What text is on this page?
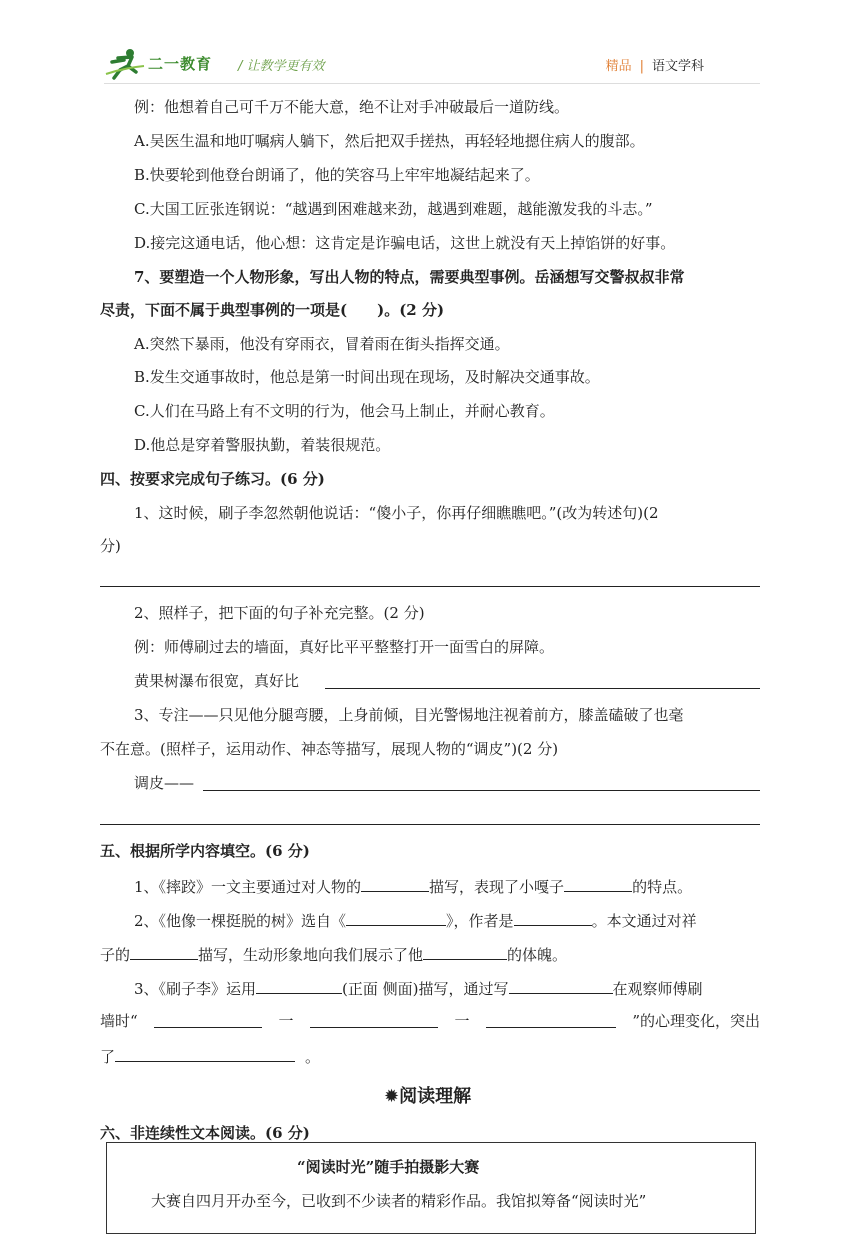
二一教育 / 让教学更有效	精品 | 语文学科
例：他想着自己可千万不能大意，绝不让对手冲破最后一道防线。
A.吴医生温和地叮嘱病人躺下，然后把双手搓热，再轻轻地摁住病人的腹部。
B.快要轮到他登台朗诵了，他的笑容马上牢牢地凝结起来了。
C.大国工匠张连钢说：“越遇到困难越来劲，越遇到难题，越能激发我的斗志。”
D.接完这通电话，他心想：这肯定是诈骗电话，这世上就没有天上掉馅饼的好事。
7、要塑造一个人物形象，写出人物的特点，需要典型事例。岳涵想写交警叔叔非常
尽责，下面不属于典型事例的一项是(　　)。(2 分)
A.突然下暴雨，他没有穿雨衣，冒着雨在街头指挥交通。
B.发生交通事故时，他总是第一时间出现在现场，及时解决交通事故。
C.人们在马路上有不文明的行为，他会马上制止，并耐心教育。
D.他总是穿着警服执勤，着装很规范。
四、按要求完成句子练习。(6 分)
1、这时候，刷子李忽然朝他说话：“傻小子，你再仔细瞧瞧吧。”(改为转述句)(2
分)
2、照样子，把下面的句子补充完整。(2 分)
例：师傅刷过去的墙面，真好比平平整整打开一面雪白的屏障。
黄果树瀑布很宽，真好比
3、专注——只见他分腿弯腰，上身前倾，目光警惕地注视着前方，膝盖磕破了也毫
不在意。(照样子，运用动作、神态等描写，展现人物的“调皮”)(2 分)
调皮——
五、根据所学内容填空。(6 分)
1、《摔跤》一文主要通过对人物的	描写，表现了小嘎子	的特点。
2、《他像一棵挺脱的树》选自《	》，作者是	。本文通过对祥
子的	描写，生动形象地向我们展示了他	的体魄。
3、《刷子李》运用	(正面 侧面)描写，通过写	在观察师傅刷
墙时“	一	一	”的心理变化，突出
了	。
✹阅读理解
六、非连续性文本阅读。(6 分)
“阅读时光”随手拍摄影大赛
大赛自四月开办至今，已收到不少读者的精彩作品。我馆拟筹备“阅读时光”
